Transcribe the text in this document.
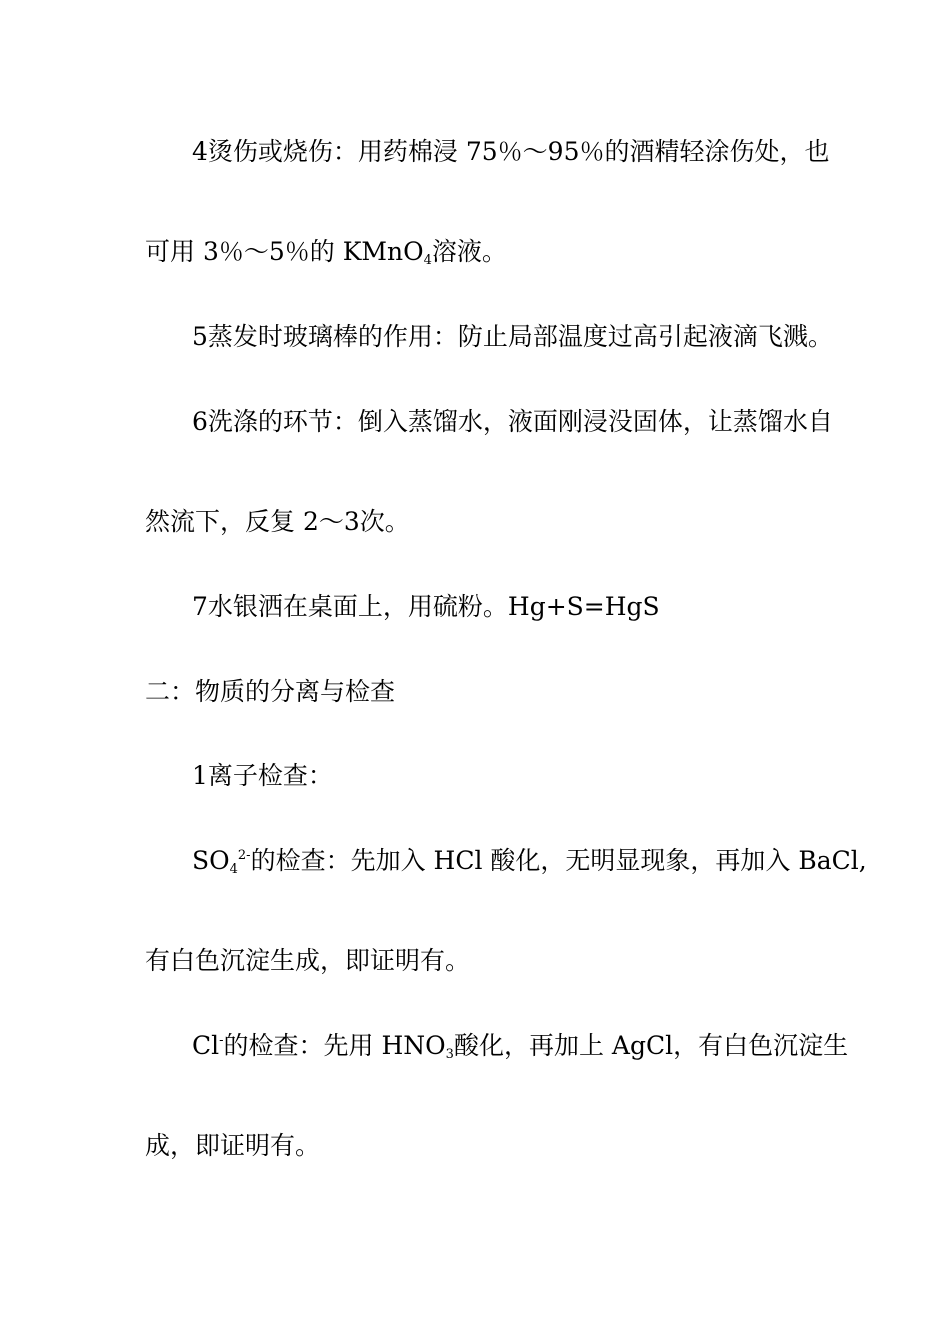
4烫伤或烧伤：用药棉浸 75％～95％的酒精轻涂伤处，也
可用 3％～5％的 KMnO$_4$溶液。
5蒸发时玻璃棒的作用：防止局部温度过高引起液滴飞溅。
6洗涤的环节：倒入蒸馏水，液面刚浸没固体，让蒸馏水自
然流下，反复 2～3次。
7水银洒在桌面上，用硫粉。Hg+S=HgS
二：物质的分离与检查
1离子检查：
$SO_4^{2-}$的检查：先加入 HCl 酸化，无明显现象，再加入 BaCl,
有白色沉淀生成，即证明有。
Cl-的检查：先用 $HNO_3$酸化，再加上 AgCl，有白色沉淀生
成，即证明有。
